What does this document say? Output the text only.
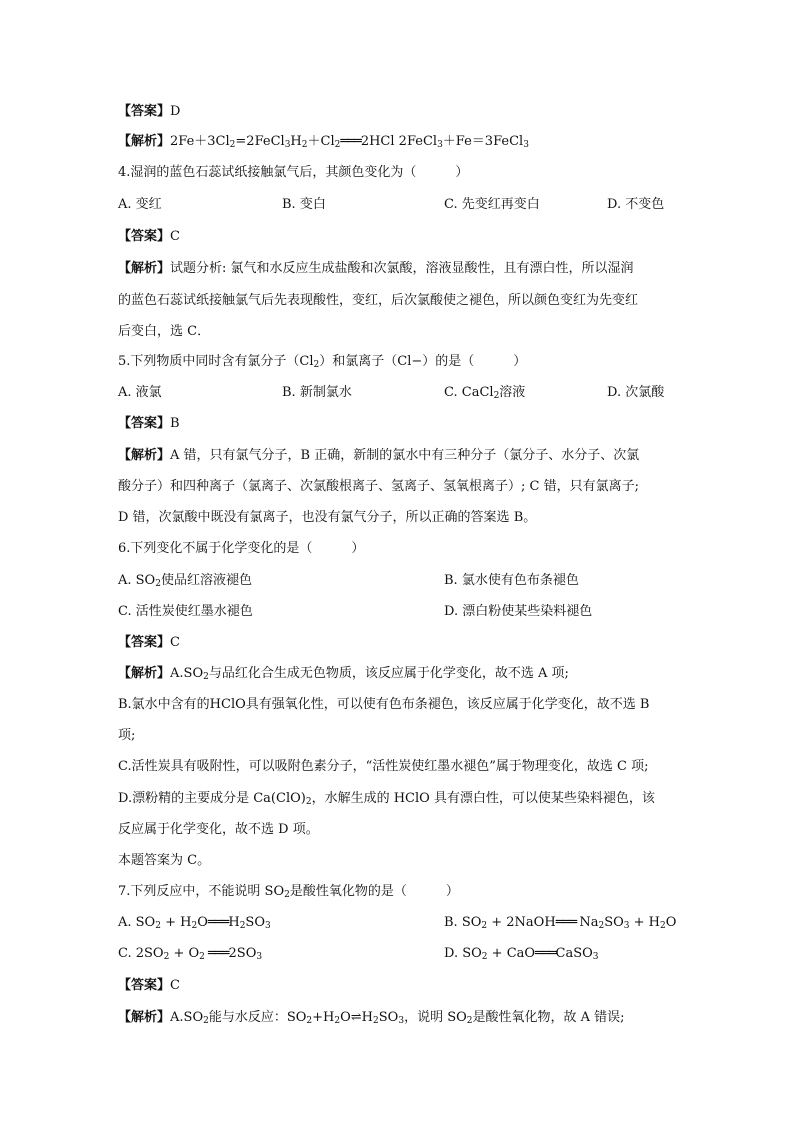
【答案】D
【解析】$2Fe+3Cl_2=2FeCl_3H_2+Cl_2═══2HCl$ 2FeCl$_3$＋Fe＝3FeCl$_3$
4.湿润的蓝色石蕊试纸接触氯气后，其颜色变化为（　　　）
A. 变红	B. 变白	C. 先变红再变白	D. 不变色
【答案】C
【解析】试题分析: 氯气和水反应生成盐酸和次氯酸，溶液显酸性，且有漂白性，所以湿润
的蓝色石蕊试纸接触氯气后先表现酸性，变红，后次氯酸使之褪色，所以颜色变红为先变红
后变白，选 C．
5.下列物质中同时含有氯分子$(Cl_2)$和氯离子（Cl−）的是（　　　）
A. 液氯	B. 新制氯水	C. CaCl$_2$溶液	D. 次氯酸
【答案】B
【解析】A 错，只有氯气分子，B 正确，新制的氯水中有三种分子（氯分子、水分子、次氯
酸分子）和四种离子（氯离子、次氯酸根离子、氢离子、氢氧根离子）; C 错，只有氯离子;
D 错，次氯酸中既没有氯离子，也没有氯气分子，所以正确的答案选 B。
6.下列变化不属于化学变化的是（　　　）
A. $SO_2$使品红溶液褪色	B. 氯水使有色布条褪色
C. 活性炭使红墨水褪色	D. 漂白粉使某些染料褪色
【答案】C
【解析】$A.SO_2$与品红化合生成无色物质，该反应属于化学变化，故不选 A 项;
B.氯水中含有的HClO具有强氧化性，可以使有色布条褪色，该反应属于化学变化，故不选 B
项;
C.活性炭具有吸附性，可以吸附色素分子，“活性炭使红墨水褪色”属于物理变化，故选 C 项;
D.漂粉精的主要成分是 $Ca(ClO)_2$，水解生成的 HClO 具有漂白性，可以使某些染料褪色，该
反应属于化学变化，故不选 D 项。
本题答案为 C。
7.下列反应中，不能说明 $SO_2$是酸性氧化物的是（　　　）
A. $SO_2$ + $H_2O═══H_2SO_3$	B. $SO_2$ + 2NaOH═══ $Na_2SO_3 + H_2O$
C. $2SO_2 + O_2$ $═══2SO_3$	D. $SO_2$ + CaO═══CaSO$_3$
【答案】C
【解析】$A.SO_2$能与水反应：$SO_2+H_2O\rightleftharpoons H_2SO_3$，说明 $SO_2$是酸性氧化物，故 A 错误;
